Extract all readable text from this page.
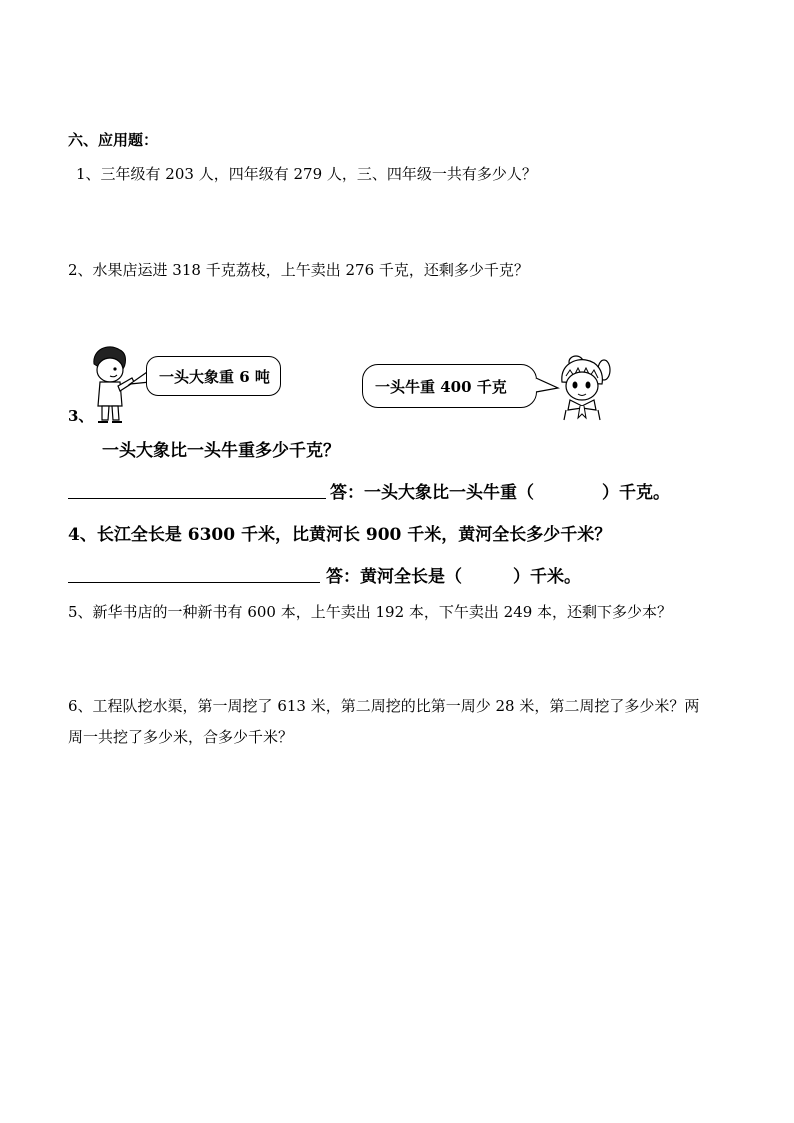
六、应用题：
1、三年级有 203 人，四年级有 279 人，三、四年级一共有多少人？
2、水果店运进 318 千克荔枝，上午卖出 276 千克，还剩多少千克？
一头大象重 6 吨
一头牛重 400 千克
3、
一头大象比一头牛重多少千克？
答：一头大象比一头牛重（　　　　）千克。
4、长江全长是 6300 千米，比黄河长 900 千米，黄河全长多少千米？
答：黄河全长是（　　　）千米。
5、新华书店的一种新书有 600 本，上午卖出 192 本，下午卖出 249 本，还剩下多少本？
6、工程队挖水渠，第一周挖了 613 米，第二周挖的比第一周少 28 米，第二周挖了多少米？两
周一共挖了多少米，合多少千米？
